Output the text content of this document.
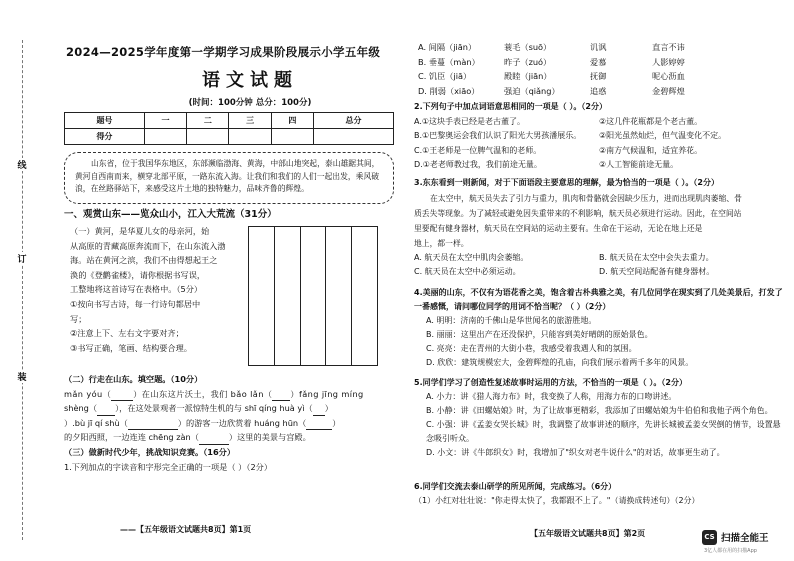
线
订
装
2024—2025学年度第一学期学习成果阶段展示小学五年级
语文试题
(时间：100分钟 总分：100分)
题号	一	二	三	四	总分
得分					
山东省，位于我国华东地区，东部濒临渤海、黄海，中部山地突起，泰山雄踞其间，黄河自西南而来，横穿北部平原，一路东流入海。让我们和我们的人们一起出发，乘风破浪，在丝路驿站下，来感受这片土地的独特魅力，品味齐鲁的辉煌。
一、观赏山东——览众山小，江入大荒流（31分）
（一）黄河，是华夏儿女的母亲河，始
从高原的青藏高原奔流而下，在山东流入渤
海。站在黄河之滨，我们不由得想起王之
涣的《登鹳雀楼》，请你根据书写误，
工整地将这首诗写在表格中。（5分）
①按向书写古诗，每一行诗句都居中
写；
②注意上下、左右文字要对齐；
③书写正确，笔画、结构要合理。
（二）行走在山东。填空题。（10分）
mǎn yóu（	）在山东这片沃土，我们 bǎo lǎn（ ）fǎng jīng míng
shèng（ ），在这处景观者一派惊特生机的与 shī qíng huà yì（ ）
）.bù jī qí shù（	）的游客一边欣赏着 huáng hūn（	）
的夕阳西照，一边连连 chēng zàn（	）这里的美景与宫殿。
（三）做新时代少年，挑战知识竞赛。（16分）
1.下列加点的字读音和字形完全正确的一项是（ ）（2分）
——【五年级语文试题共8页】第1页
A. 间隔（jiān）	蓑毛（suō）	讥讽	直言不讳
B. 垂蔓（màn）	昨子（zuó）	爱慕	人影婷婷
C. 饥臣（jiā）	殿睦（jiān）	抚御	呢心沥血
D. 削弱（xiāo）	强迫（qiǎng）	追惑	金碧辉煌
2.下列句子中加点词语意思相同的一项是（ ）。（2分）
A.①这块手表已经是老古董了。	②这几件花瓶都是个老古董。
B.①巴黎奥运会我们认识了阳光大男孩潘展乐。	②阳光虽然灿烂，但气温变化不定。
C.①王老师是一位脾气温和的老师。	②南方气候温和，适宜养花。
D.①老老师教过我，我们前途无量。	②人工智能前途无量。
3.东东看到一则新闻，对于下面语段主要意思的理解，最为恰当的一项是（ ）。（2分）
在太空中，航天员失去了引力与重力，肌肉和骨骼就会因缺少压力，进而出现肌肉萎缩、骨
质丢失等现象。为了减轻或避免因失重带来的不利影响，航天员必须进行运动。因此，在空间站
里要配有健身器材，航天员在空间站的运动主要有。生命在于运动，无论在地上还是
地上，都一样。
A. 航天员在太空中肌肉会萎缩。	B. 航天员在太空中会失去重力。
C. 航天员在太空中必须运动。	D. 航天空间站配备有健身器材。
4.美丽的山东，不仅有为语花香之美，饱含着古朴典雅之美，有几位同学在现实到了几处美景后，打发了一番感慨，请问哪位同学的用词不恰当呢？（ ）（2分）
A. 明明：济南的千佛山是华世闻名的旅游胜地。
B. 丽丽：这里出产在还没保护，只能容到美好晴朗的原始景色。
C. 亮亮：走在青州的大街小巷，我感受着我遇人和的氛围。
D. 欣欣：建筑规模宏大，金碧辉煌的孔庙，向我们展示着两千多年的风景。
5.同学们学习了创造性复述故事时运用的方法，不恰当的一项是（ ）。（2分）
A. 小力：讲《猎人海力布》时，我变换了人称，用海力布的口吻讲述。
B. 小静：讲《田螺姑娘》时，为了让故事更精彩，我添加了田螺姑娘为牛伯伯和我他子两个角色。
C. 小强：讲《孟姜女哭长城》时，我调整了故事讲述的顺序，先讲长城被孟姜女哭倒的情节，设置悬念吸引听众。
D. 小文：讲《牛郎织女》时，我增加了"织女对老牛说什么"的对话，故事更生动了。
6.同学们交流去泰山研学的所见所闻，完成练习。（6分）
（1）小红对壮壮说："你走得太快了，我都跟不上了。"（请换成转述句）（2分）
【五年级语文试题共8页】第2页	CS 扫描全能王
3亿人都在用的扫描App
